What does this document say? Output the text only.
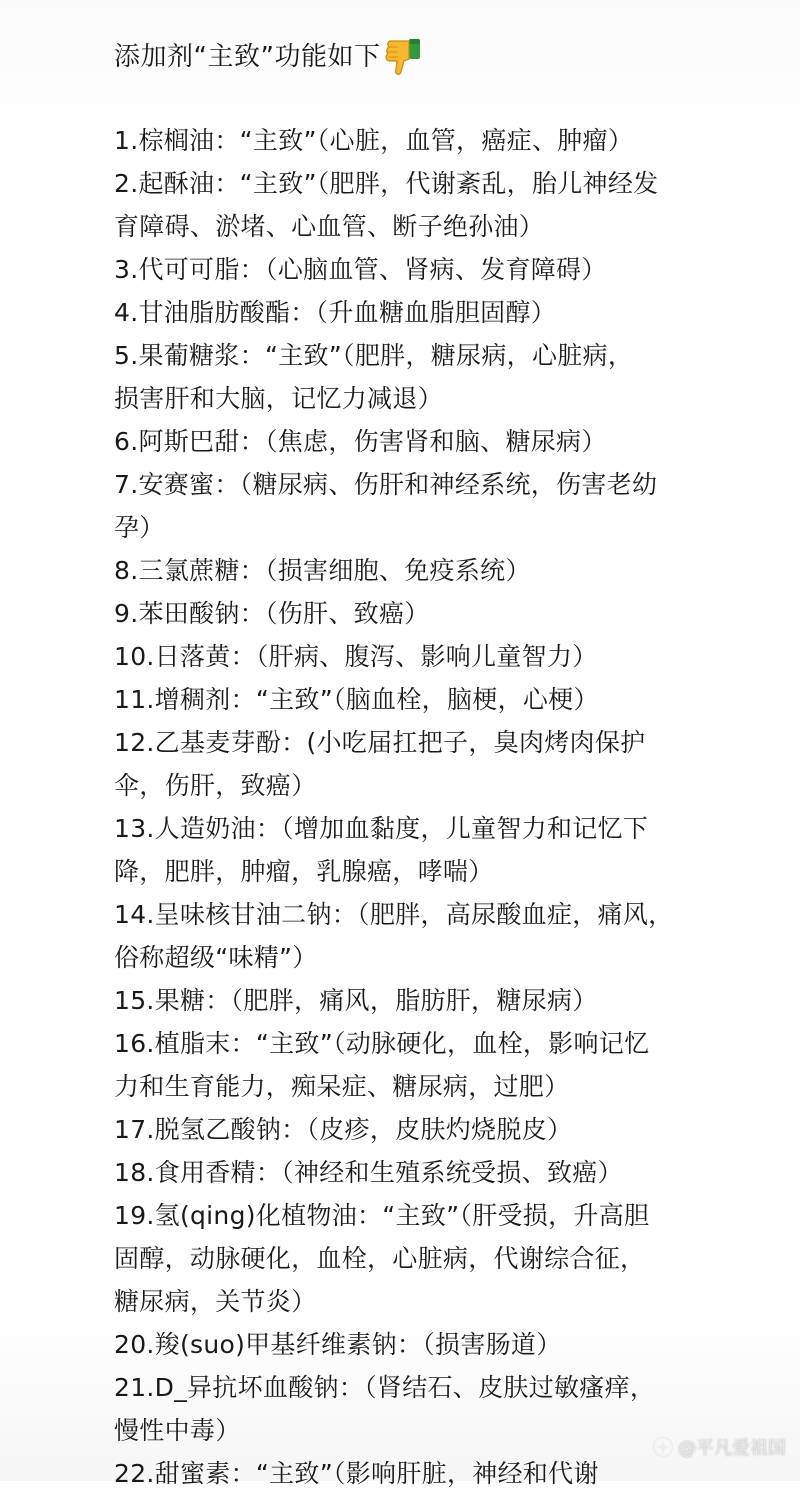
添加剂“主致”功能如下
1.棕榈油：“主致”（心脏，血管，癌症、肿瘤）
2.起酥油：“主致”（肥胖，代谢紊乱，胎儿神经发
育障碍、淤堵、心血管、断子绝孙油）
3.代可可脂：（心脑血管、肾病、发育障碍）
4.甘油脂肪酸酯：（升血糖血脂胆固醇）
5.果葡糖浆：“主致”（肥胖，糖尿病，心脏病，
损害肝和大脑，记忆力减退）
6.阿斯巴甜：（焦虑，伤害肾和脑、糖尿病）
7.安赛蜜：（糖尿病、伤肝和神经系统，伤害老幼
孕）
8.三氯蔗糖：（损害细胞、免疫系统）
9.苯田酸钠：（伤肝、致癌）
10.日落黄：（肝病、腹泻、影响儿童智力）
11.增稠剂：“主致”（脑血栓，脑梗，心梗）
12.乙基麦芽酚：(小吃届扛把子，臭肉烤肉保护
伞，伤肝，致癌）
13.人造奶油：（增加血黏度，儿童智力和记忆下
降，肥胖，肿瘤，乳腺癌，哮喘）
14.呈味核甘油二钠：（肥胖，高尿酸血症，痛风，
俗称超级“味精”）
15.果糖：（肥胖，痛风，脂肪肝，糖尿病）
16.植脂末：“主致”（动脉硬化，血栓，影响记忆
力和生育能力，痴呆症、糖尿病，过肥）
17.脱氢乙酸钠：（皮疹，皮肤灼烧脱皮）
18.食用香精：（神经和生殖系统受损、致癌）
19.氢(qing)化植物油：“主致”（肝受损，升高胆
固醇，动脉硬化，血栓，心脏病，代谢综合征，
糖尿病，关节炎）
20.羧(suo)甲基纤维素钠：（损害肠道）
21.D_异抗坏血酸钠：（肾结石、皮肤过敏瘙痒，
慢性中毒）
22.甜蜜素：“主致”（影响肝脏，神经和代谢
@平凡爱祖国
